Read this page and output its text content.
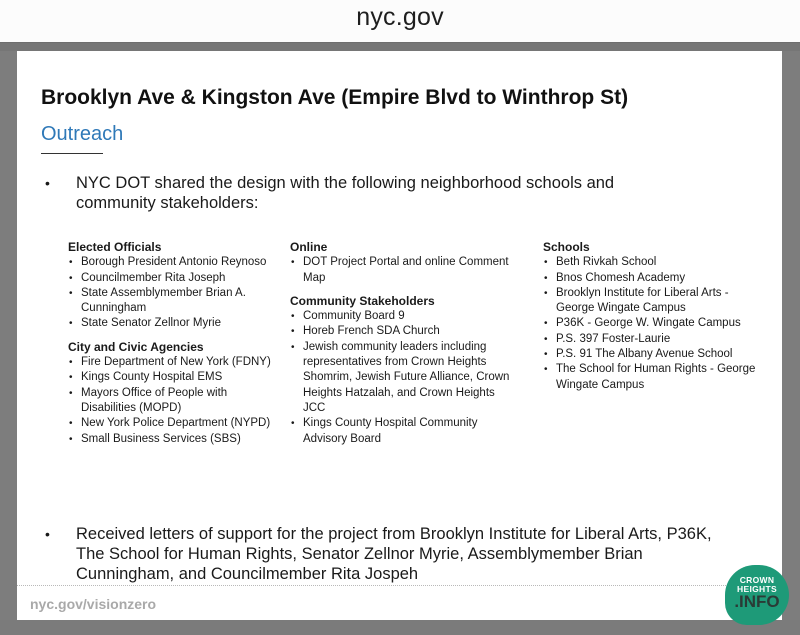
nyc.gov
Brooklyn Ave & Kingston Ave (Empire Blvd to Winthrop St)
Outreach
•	NYC DOT shared the design with the following neighborhood schools and community stakeholders:
Elected Officials
• Borough President Antonio Reynoso
• Councilmember Rita Joseph
• State Assemblymember Brian A. Cunningham
• State Senator Zellnor Myrie
City and Civic Agencies
• Fire Department of New York (FDNY)
• Kings County Hospital EMS
• Mayors Office of People with Disabilities (MOPD)
• New York Police Department (NYPD)
• Small Business Services (SBS)
Online
• DOT Project Portal and online Comment Map
Community Stakeholders
• Community Board 9
• Horeb French SDA Church
• Jewish community leaders including representatives from Crown Heights Shomrim, Jewish Future Alliance, Crown Heights Hatzalah, and Crown Heights JCC
• Kings County Hospital Community Advisory Board
Schools
• Beth Rivkah School
• Bnos Chomesh Academy
• Brooklyn Institute for Liberal Arts - George Wingate Campus
• P36K - George W. Wingate Campus
• P.S. 397 Foster-Laurie
• P.S. 91 The Albany Avenue School
• The School for Human Rights - George Wingate Campus
•	Received letters of support for the project from Brooklyn Institute for Liberal Arts, P36K, The School for Human Rights, Senator Zellnor Myrie, Assemblymember Brian Cunningham, and Councilmember Rita Jospeh
nyc.gov/visionzero
CROWN
HEIGHTS
.INFO
